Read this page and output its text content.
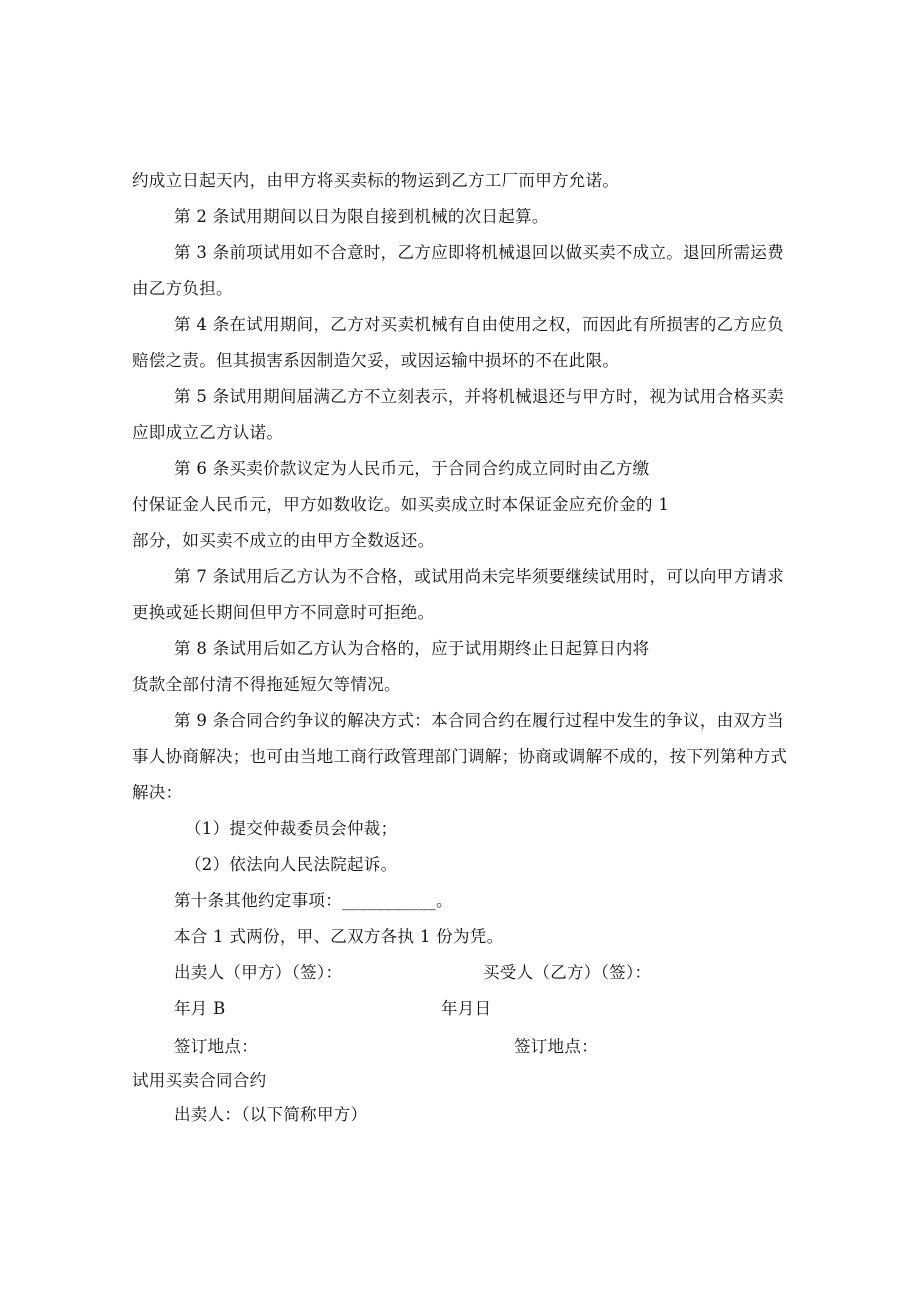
约成立日起天内，由甲方将买卖标的物运到乙方工厂而甲方允诺。
第 2 条试用期间以日为限自接到机械的次日起算。
第 3 条前项试用如不合意时，乙方应即将机械退回以做买卖不成立。退回所需运费
由乙方负担。
第 4 条在试用期间，乙方对买卖机械有自由使用之权，而因此有所损害的乙方应负
赔偿之责。但其损害系因制造欠妥，或因运输中损坏的不在此限。
第 5 条试用期间届满乙方不立刻表示，并将机械退还与甲方时，视为试用合格买卖
应即成立乙方认诺。
第 6 条买卖价款议定为人民币元，于合同合约成立同时由乙方缴
付保证金人民币元，甲方如数收讫。如买卖成立时本保证金应充价金的 1
部分，如买卖不成立的由甲方全数返还。
第 7 条试用后乙方认为不合格，或试用尚未完毕须要继续试用时，可以向甲方请求
更换或延长期间但甲方不同意时可拒绝。
第 8 条试用后如乙方认为合格的，应于试用期终止日起算日内将
货款全部付清不得拖延短欠等情况。
第 9 条合同合约争议的解决方式：本合同合约在履行过程中发生的争议，由双方当
事人协商解决；也可由当地工商行政管理部门调解；协商或调解不成的，按下列第种方式
解决：
（1）提交仲裁委员会仲裁；
（2）依法向人民法院起诉。
第十条其他约定事项：___________。
本合 1 式两份，甲、乙双方各执 1 份为凭。
出卖人（甲方）（签）：	买受人（乙方）（签）：
年月 B	年月日
签订地点：	签订地点：
试用买卖合同合约
出卖人：（以下简称甲方）
